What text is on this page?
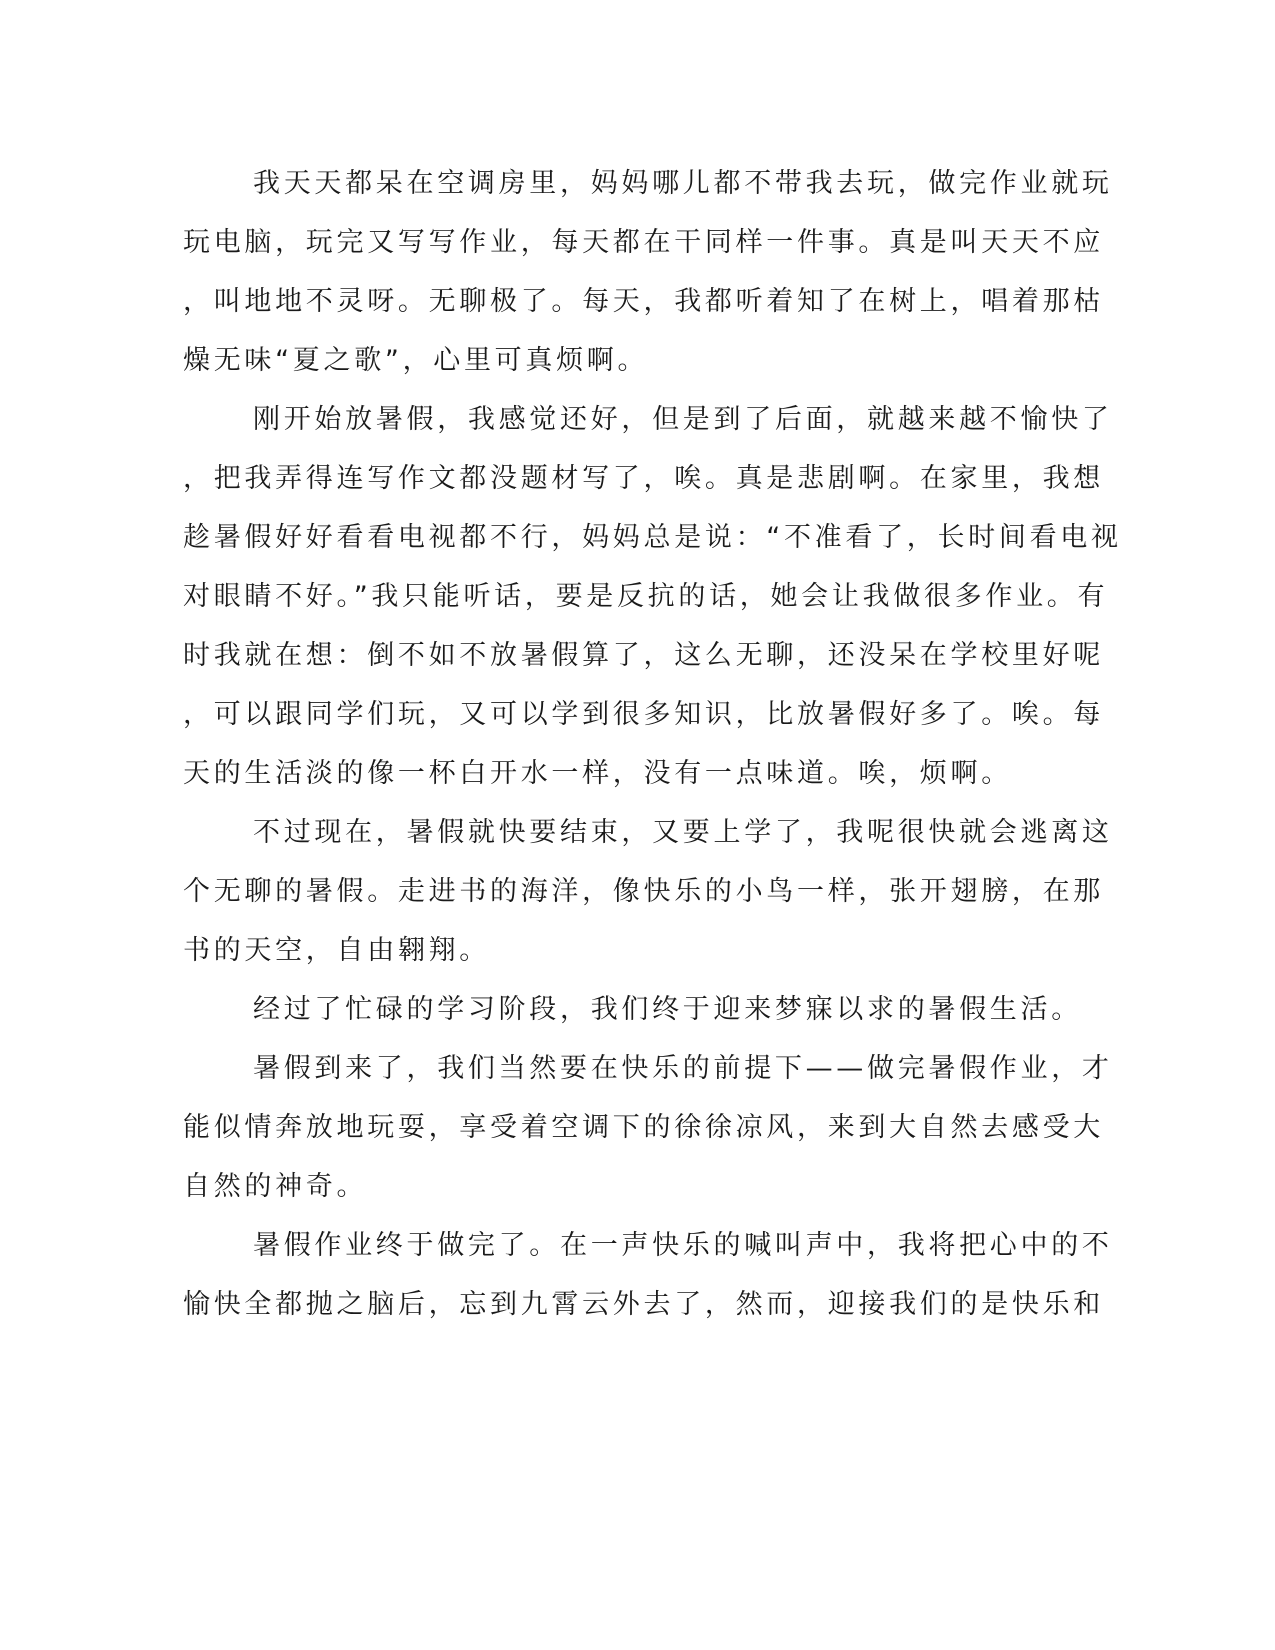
我天天都呆在空调房里，妈妈哪儿都不带我去玩，做完作业就玩
玩电脑，玩完又写写作业，每天都在干同样一件事。真是叫天天不应
，叫地地不灵呀。无聊极了。每天，我都听着知了在树上，唱着那枯
燥无味“夏之歌”，心里可真烦啊。

刚开始放暑假，我感觉还好，但是到了后面，就越来越不愉快了
，把我弄得连写作文都没题材写了，唉。真是悲剧啊。在家里，我想
趁暑假好好看看电视都不行，妈妈总是说：“不准看了，长时间看电视
对眼睛不好。”我只能听话，要是反抗的话，她会让我做很多作业。有
时我就在想：倒不如不放暑假算了，这么无聊，还没呆在学校里好呢
，可以跟同学们玩，又可以学到很多知识，比放暑假好多了。唉。每
天的生活淡的像一杯白开水一样，没有一点味道。唉，烦啊。

不过现在，暑假就快要结束，又要上学了，我呢很快就会逃离这
个无聊的暑假。走进书的海洋，像快乐的小鸟一样，张开翅膀，在那
书的天空，自由翱翔。

经过了忙碌的学习阶段，我们终于迎来梦寐以求的暑假生活。

暑假到来了，我们当然要在快乐的前提下——做完暑假作业，才
能似情奔放地玩耍，享受着空调下的徐徐凉风，来到大自然去感受大
自然的神奇。

暑假作业终于做完了。在一声快乐的喊叫声中，我将把心中的不
愉快全都抛之脑后，忘到九霄云外去了，然而，迎接我们的是快乐和
